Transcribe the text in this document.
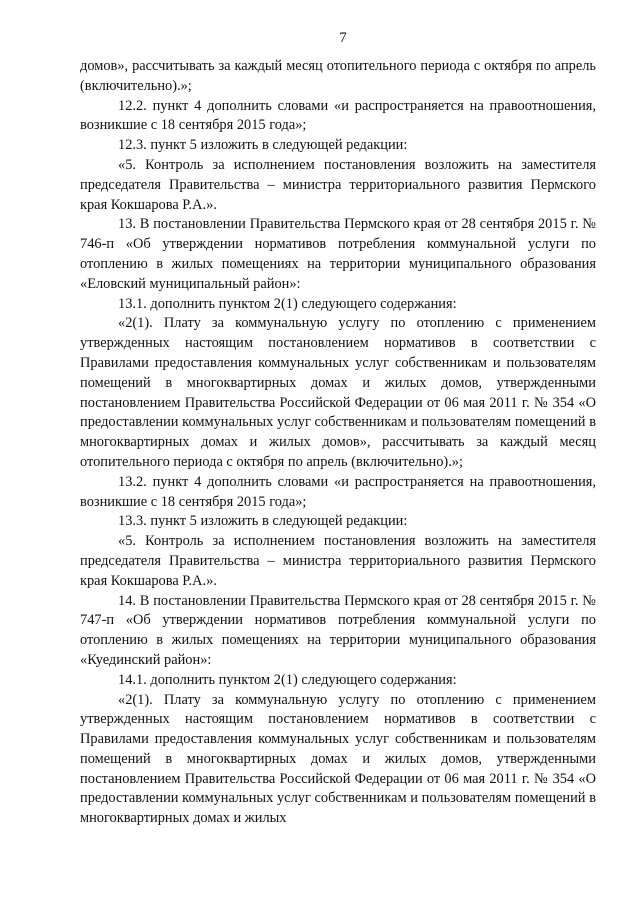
7

домов», рассчитывать за каждый месяц отопительного периода с октября по апрель (включительно).»;

12.2. пункт 4 дополнить словами «и распространяется на правоотношения, возникшие с 18 сентября 2015 года»;

12.3. пункт 5 изложить в следующей редакции:

«5. Контроль за исполнением постановления возложить на заместителя председателя Правительства – министра территориального развития Пермского края Кокшарова Р.А.».

13. В постановлении Правительства Пермского края от 28 сентября 2015 г. № 746-п «Об утверждении нормативов потребления коммунальной услуги по отоплению в жилых помещениях на территории муниципального образования «Еловский муниципальный район»:

13.1. дополнить пунктом 2(1) следующего содержания:

«2(1). Плату за коммунальную услугу по отоплению с применением утвержденных настоящим постановлением нормативов в соответствии с Правилами предоставления коммунальных услуг собственникам и пользователям помещений в многоквартирных домах и жилых домов, утвержденными постановлением Правительства Российской Федерации от 06 мая 2011 г. № 354 «О предоставлении коммунальных услуг собственникам и пользователям помещений в многоквартирных домах и жилых домов», рассчитывать за каждый месяц отопительного периода с октября по апрель (включительно).»;

13.2. пункт 4 дополнить словами «и распространяется на правоотношения, возникшие с 18 сентября 2015 года»;

13.3. пункт 5 изложить в следующей редакции:

«5. Контроль за исполнением постановления возложить на заместителя председателя Правительства – министра территориального развития Пермского края Кокшарова Р.А.».

14. В постановлении Правительства Пермского края от 28 сентября 2015 г. № 747-п «Об утверждении нормативов потребления коммунальной услуги по отоплению в жилых помещениях на территории муниципального образования «Куединский район»:

14.1. дополнить пунктом 2(1) следующего содержания:

«2(1). Плату за коммунальную услугу по отоплению с применением утвержденных настоящим постановлением нормативов в соответствии с Правилами предоставления коммунальных услуг собственникам и пользователям помещений в многоквартирных домах и жилых домов, утвержденными постановлением Правительства Российской Федерации от 06 мая 2011 г. № 354 «О предоставлении коммунальных услуг собственникам и пользователям помещений в многоквартирных домах и жилых
